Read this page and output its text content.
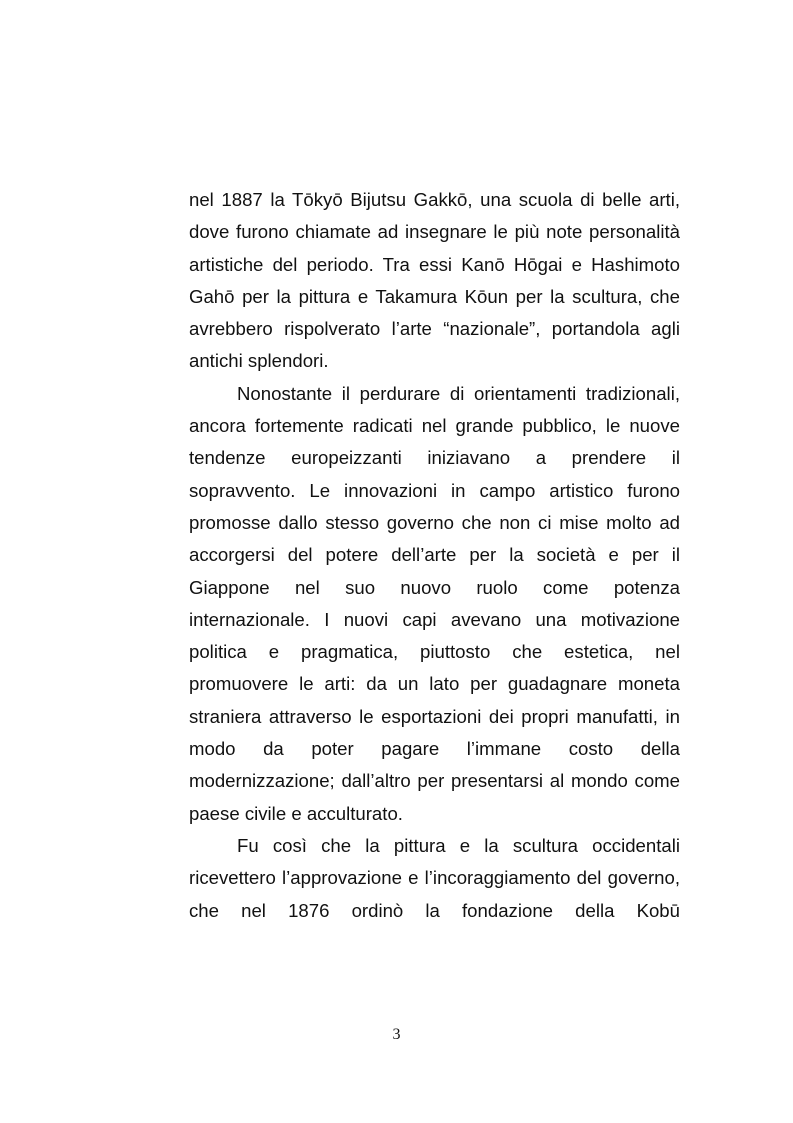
nel 1887 la Tōkyō Bijutsu Gakkō, una scuola di belle arti, dove furono chiamate ad insegnare le più note personalità artistiche del periodo. Tra essi Kanō Hōgai e Hashimoto Gahō per la pittura e Takamura Kōun per la scultura, che avrebbero rispolverato l’arte “nazionale”, portandola agli antichi splendori.

Nonostante il perdurare di orientamenti tradizionali, ancora fortemente radicati nel grande pubblico, le nuove tendenze europeizzanti iniziavano a prendere il sopravvento. Le innovazioni in campo artistico furono promosse dallo stesso governo che non ci mise molto ad accorgersi del potere dell’arte per la società e per il Giappone nel suo nuovo ruolo come potenza internazionale. I nuovi capi avevano una motivazione politica e pragmatica, piuttosto che estetica, nel promuovere le arti: da un lato per guadagnare moneta straniera attraverso le esportazioni dei propri manufatti, in modo da poter pagare l’immane costo della modernizzazione; dall’altro per presentarsi al mondo come paese civile e acculturato.

Fu così che la pittura e la scultura occidentali ricevettero l’approvazione e l’incoraggiamento del governo, che nel 1876 ordinò la fondazione della Kobū

3
